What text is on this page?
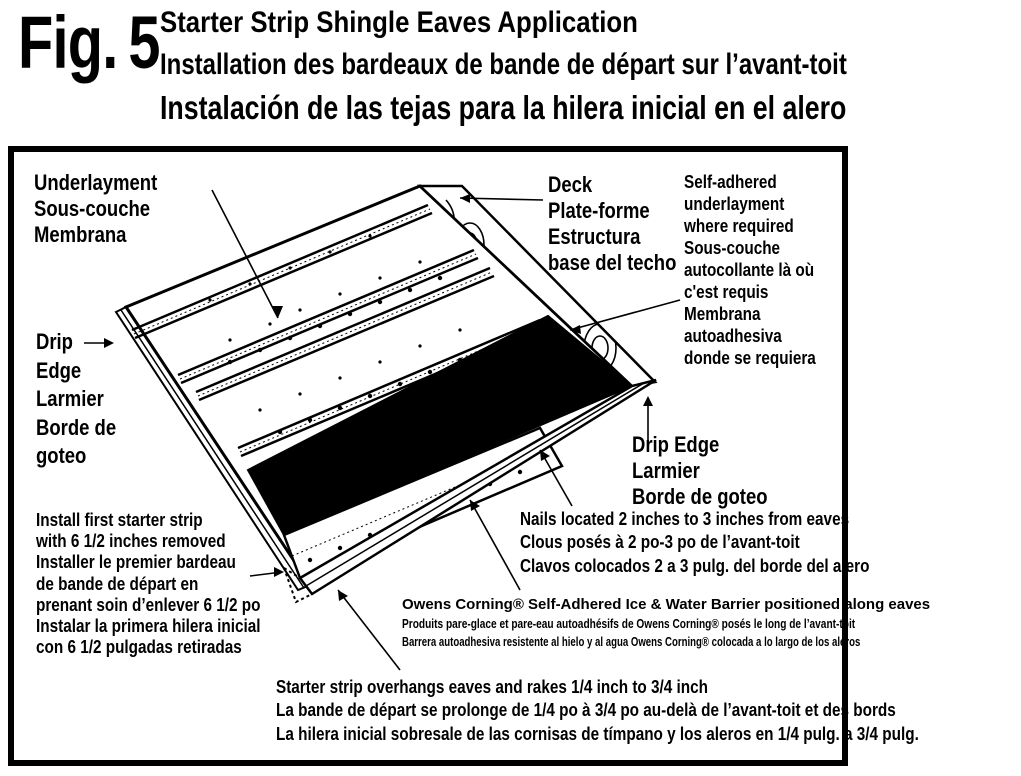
Fig. 5 Starter Strip Shingle Eaves Application
Installation des bardeaux de bande de départ sur l’avant-toit
Instalación de las tejas para la hilera inicial en el alero
Underlayment
Sous-couche
Membrana
Deck
Plate-forme
Estructura
base del techo
Self-adhered
underlayment
where required
Sous-couche
autocollante là où
c'est requis
Membrana
autoadhesiva
donde se requiera
Drip
Edge
Larmier
Borde de
goteo	Drip Edge
Larmier
Borde de goteo
Nails located 2 inches to 3 inches from eaves
Clous posés à 2 po-3 po de l’avant-toit
Clavos colocados 2 a 3 pulg. del borde del alero
Install first starter strip
with 6 1/2 inches removed
Installer le premier bardeau
de bande de départ en
prenant soin d’enlever 6 1/2 po
Instalar la primera hilera inicial
con 6 1/2 pulgadas retiradas
Owens Corning® Self-Adhered Ice & Water Barrier positioned along eaves
Produits pare-glace et pare-eau autoadhésifs de Owens Corning® posés le long de l’avant-toit
Barrera autoadhesiva resistente al hielo y al agua Owens Corning® colocada a lo largo de los aleros
Starter strip overhangs eaves and rakes 1/4 inch to 3/4 inch
La bande de départ se prolonge de 1/4 po à 3/4 po au-delà de l’avant-toit et des bords
La hilera inicial sobresale de las cornisas de tímpano y los aleros en 1/4 pulg. a 3/4 pulg.
